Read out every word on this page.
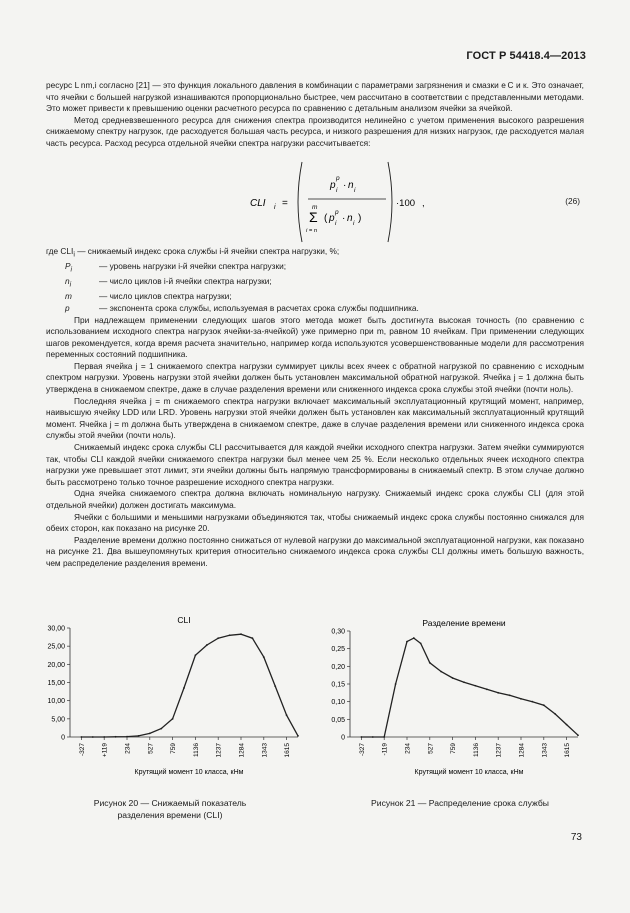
ГОСТ Р 54418.4—2013

ресурс L nm,i согласно [21] — это функция локального давления в комбинации с параметрами загрязнения и смазки e C и к. Это означает, что ячейки с большей нагрузкой изнашиваются пропорционально быстрее, чем рассчитано в соответствии с представленными методами. Это может привести к превышению оценки расчетного ресурса по сравнению с детальным анализом ячейки за ячейкой.

Метод средневзвешенного ресурса для снижения спектра производится нелинейно с учетом применения высокого разрешения снижаемому спектру нагрузок, где расходуется большая часть ресурса, и низкого разрешения для низких нагрузок, где расходуется малая часть ресурса. Расход ресурса отдельной ячейки спектра нагрузки рассчитывается:

CLI i =
p
p
i · n i
m
Σ
i = n
( p
p
i · n i )
·100 ,	(26)
где $CLI_i$ — снижаемый индекс срока службы i-й ячейки спектра нагрузки, %;
$P_i$	— уровень нагрузки i-й ячейки спектра нагрузки;
$n_i$	— число циклов i-й ячейки спектра нагрузки;
m	— число циклов спектра нагрузки;
p	— экспонента срока службы, используемая в расчетах срока службы подшипника.

При надлежащем применении следующих шагов этого метода может быть достигнута высокая точность (по сравнению с использованием исходного спектра нагрузок ячейки-за-ячейкой) уже примерно при m, равном 10 ячейкам. При применении следующих шагов рекомендуется, когда время расчета значительно, например когда используются усовершенствованные модели для рассмотрения переменных состояний подшипника.

Первая ячейка j = 1 снижаемого спектра нагрузки суммирует циклы всех ячеек с обратной нагрузкой по сравнению с исходным спектром нагрузки. Уровень нагрузки этой ячейки должен быть установлен максимальной обратной нагрузкой. Ячейка j = 1 должна быть утверждена в снижаемом спектре, даже в случае разделения времени или сниженного индекса срока службы этой ячейки (почти ноль).

Последняя ячейка j = m снижаемого спектра нагрузки включает максимальный эксплуатационный крутящий момент, например, наивысшую ячейку LDD или LRD. Уровень нагрузки этой ячейки должен быть установлен как максимальный эксплуатационный крутящий момент. Ячейка j = m должна быть утверждена в снижаемом спектре, даже в случае разделения времени или сниженного индекса срока службы этой ячейки (почти ноль).

Снижаемый индекс срока службы CLI рассчитывается для каждой ячейки исходного спектра нагрузки. Затем ячейки суммируются так, чтобы CLI каждой ячейки снижаемого спектра нагрузки был менее чем 25 %. Если несколько отдельных ячеек исходного спектра нагрузки уже превышает этот лимит, эти ячейки должны быть напрямую трансформированы в снижаемый спектр. В этом случае должно быть рассмотрено только точное разрешение исходного спектра нагрузки.

Одна ячейка снижаемого спектра должна включать номинальную нагрузку. Снижаемый индекс срока службы CLI (для этой отдельной ячейки) должен достигать максимума.

Ячейки с большими и меньшими нагрузками объединяются так, чтобы снижаемый индекс срока службы постоянно снижался для обеих сторон, как показано на рисунке 20.

Разделение времени должно постоянно снижаться от нулевой нагрузки до максимальной эксплуатационной нагрузки, как показано на рисунке 21. Два вышеупомянутых критерия относительно снижаемого индекса срока службы CLI должны иметь большую важность, чем распределение разделения времени.

CLI
0
5,00
10,00
15,00
20,00
25,00
30,00
-327 +119 234 527 759 1136 1237 1284 1343 1615
Крутящий момент 10 класса, кНм
Разделение времени
0
0,05
0,10
0,15
0,20
0,25
0,30
-327 -119 234 527 759 1136 1237 1284 1343 1615
Крутящий момент 10 класса, кНм
Рисунок 20 — Снижаемый показатель разделения времени (CLI)
Рисунок 21 — Распределение срока службы
73
